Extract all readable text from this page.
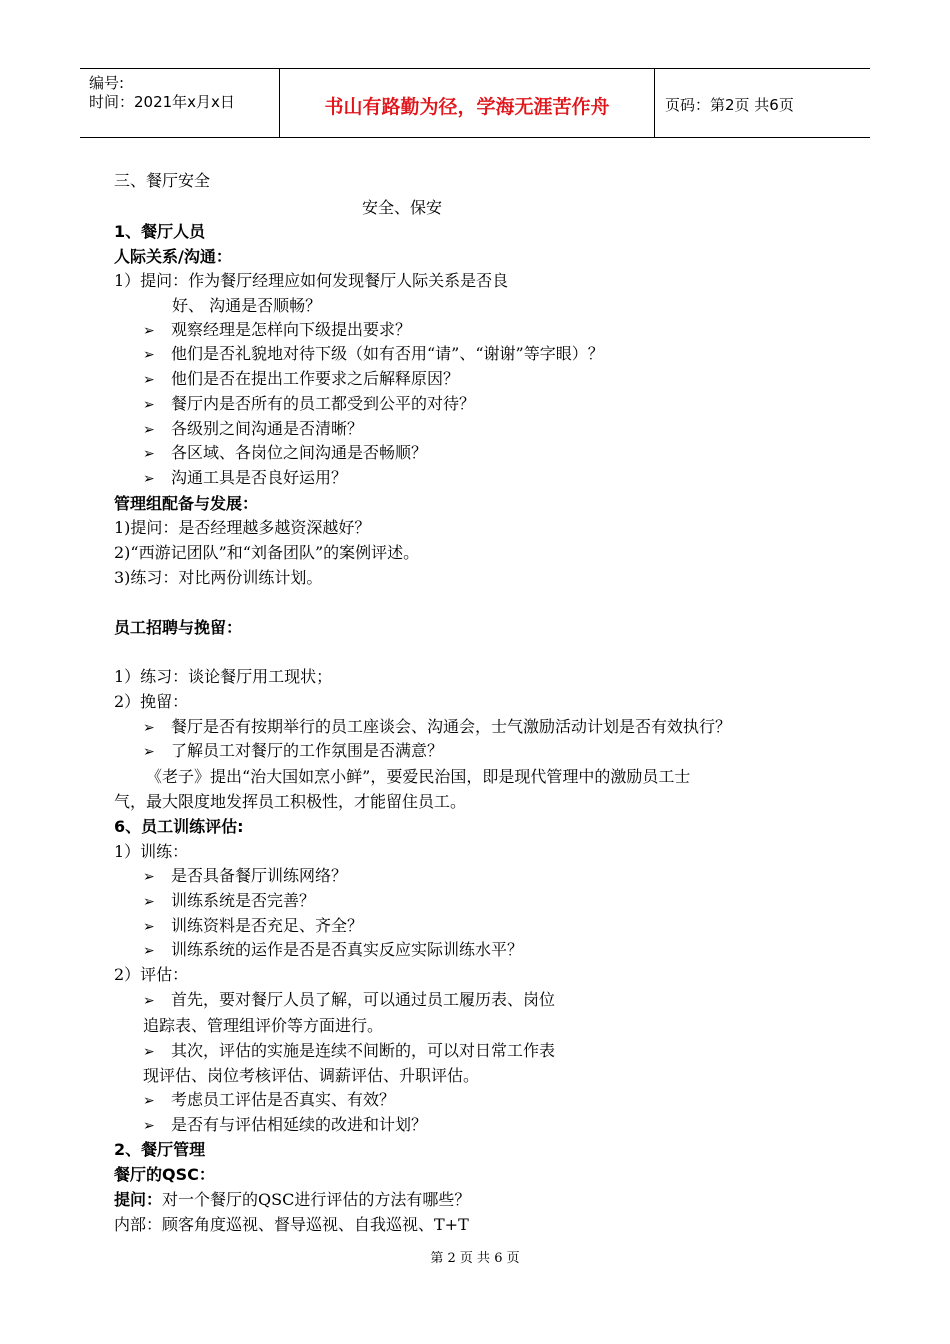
编号:
时间：2021年x月x日	书山有路勤为径，学海无涯苦作舟	页码：第2页 共6页
三、餐厅安全
安全、保安
1、餐厅人员
人际关系/沟通：
1）提问：作为餐厅经理应如何发现餐厅人际关系是否良
好、 沟通是否顺畅？
➢ 观察经理是怎样向下级提出要求？
➢ 他们是否礼貌地对待下级（如有否用“请”、“谢谢”等字眼）？
➢ 他们是否在提出工作要求之后解释原因？
➢ 餐厅内是否所有的员工都受到公平的对待？
➢ 各级别之间沟通是否清晰？
➢ 各区域、各岗位之间沟通是否畅顺？
➢ 沟通工具是否良好运用？
管理组配备与发展：
1)提问：是否经理越多越资深越好？
2)“西游记团队”和“刘备团队”的案例评述。
3)练习：对比两份训练计划。
员工招聘与挽留：
1）练习：谈论餐厅用工现状；
2）挽留：
➢ 餐厅是否有按期举行的员工座谈会、沟通会，士气激励活动计划是否有效执行？
➢ 了解员工对餐厅的工作氛围是否满意？
《老子》提出“治大国如烹小鲜”，要爱民治国，即是现代管理中的激励员工士
气，最大限度地发挥员工积极性，才能留住员工。
6、员工训练评估:
1）训练：
➢ 是否具备餐厅训练网络？
➢ 训练系统是否完善？
➢ 训练资料是否充足、齐全？
➢ 训练系统的运作是否是否真实反应实际训练水平？
2）评估：
➢ 首先，要对餐厅人员了解，可以通过员工履历表、岗位
追踪表、管理组评价等方面进行。
➢ 其次，评估的实施是连续不间断的，可以对日常工作表
现评估、岗位考核评估、调薪评估、升职评估。
➢ 考虑员工评估是否真实、有效？
➢ 是否有与评估相延续的改进和计划？
2、餐厅管理
餐厅的QSC：
提问：对一个餐厅的QSC进行评估的方法有哪些？
内部：顾客角度巡视、督导巡视、自我巡视、T+T
第 2 页 共 6 页
